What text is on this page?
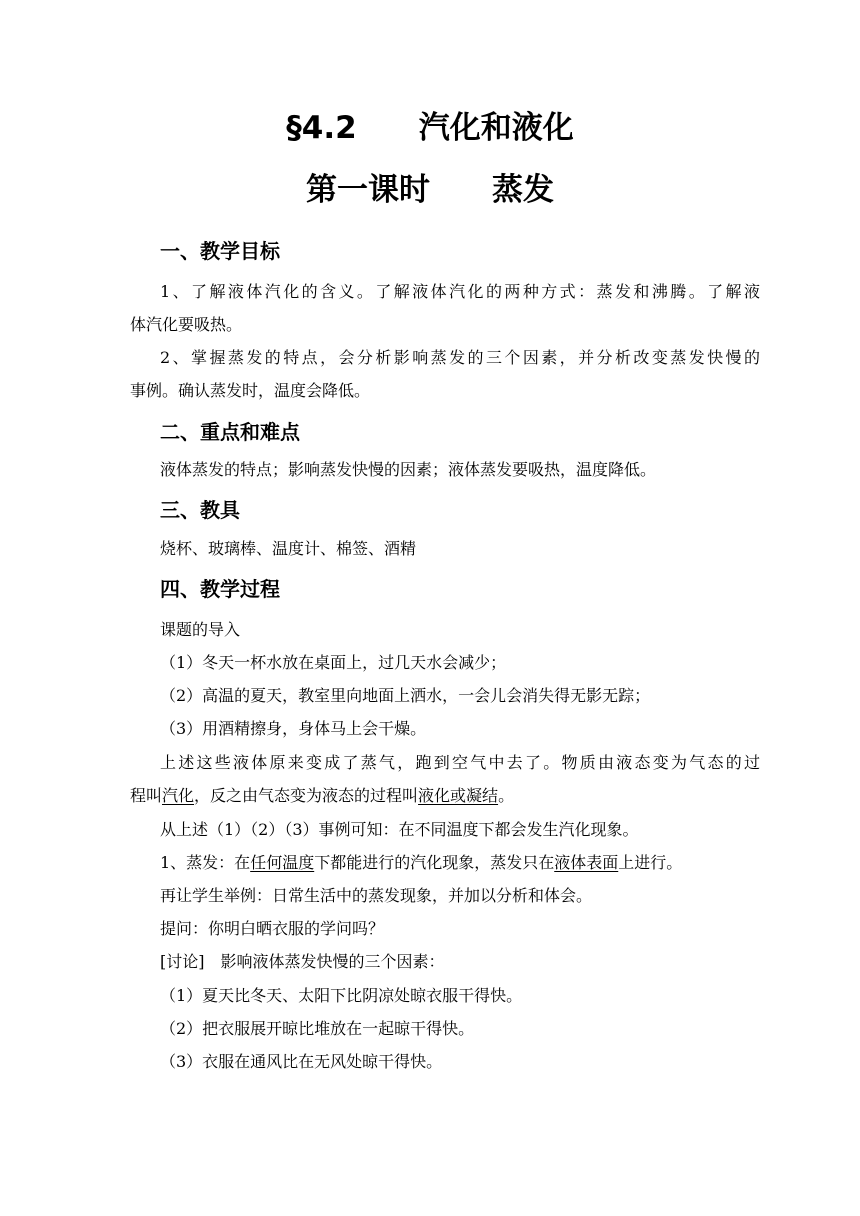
§4.2　　汽化和液化
第一课时　　蒸发
一、教学目标
1、了解液体汽化的含义。了解液体汽化的两种方式：蒸发和沸腾。了解液
体汽化要吸热。
2、掌握蒸发的特点，会分析影响蒸发的三个因素，并分析改变蒸发快慢的
事例。确认蒸发时，温度会降低。
二、重点和难点
液体蒸发的特点；影响蒸发快慢的因素；液体蒸发要吸热，温度降低。
三、教具
烧杯、玻璃棒、温度计、棉签、酒精
四、教学过程
课题的导入
（1）冬天一杯水放在桌面上，过几天水会减少；
（2）高温的夏天，教室里向地面上洒水，一会儿会消失得无影无踪；
（3）用酒精擦身，身体马上会干燥。
上述这些液体原来变成了蒸气，跑到空气中去了。物质由液态变为气态的过
程叫汽化，反之由气态变为液态的过程叫液化或凝结。
从上述（1）（2）（3）事例可知：在不同温度下都会发生汽化现象。
1、蒸发：在任何温度下都能进行的汽化现象，蒸发只在液体表面上进行。
再让学生举例：日常生活中的蒸发现象，并加以分析和体会。
提问：你明白晒衣服的学问吗？
[讨论]　影响液体蒸发快慢的三个因素：
（1）夏天比冬天、太阳下比阴凉处晾衣服干得快。
（2）把衣服展开晾比堆放在一起晾干得快。
（3）衣服在通风比在无风处晾干得快。
